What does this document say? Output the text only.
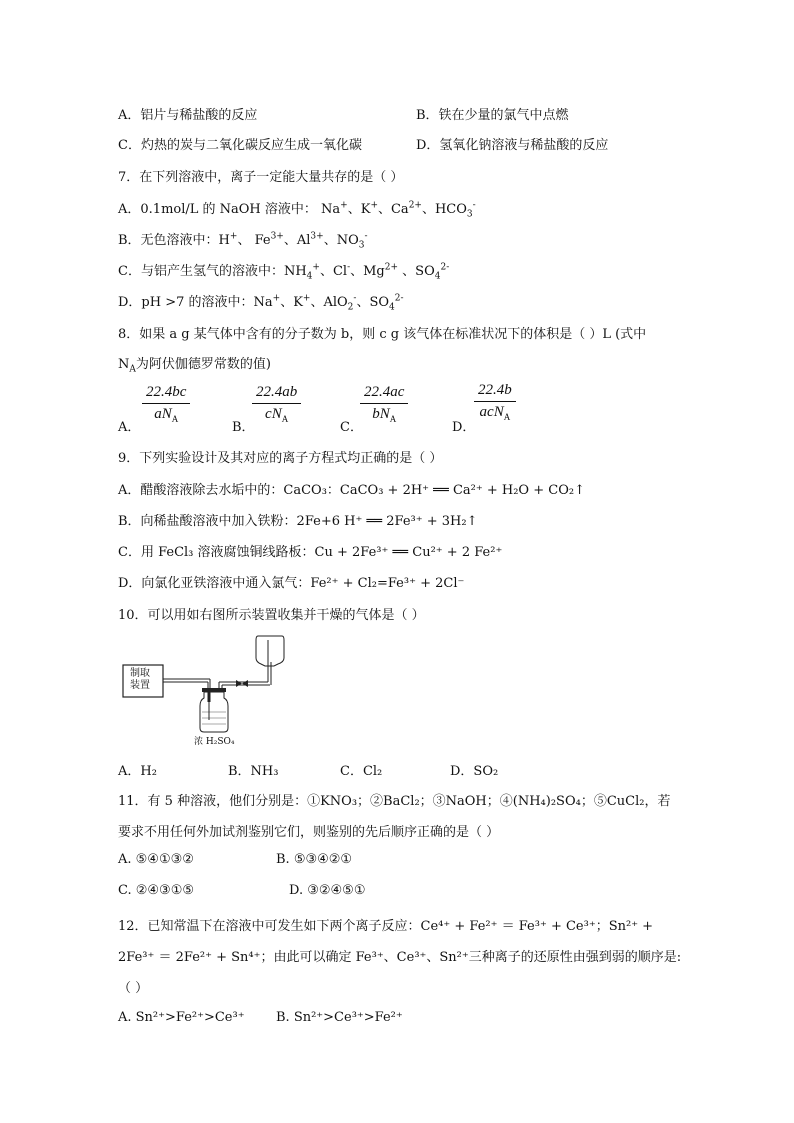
A．铝片与稀盐酸的反应	B．铁在少量的氯气中点燃
C．灼热的炭与二氧化碳反应生成一氧化碳	D．氢氧化钠溶液与稀盐酸的反应
7．在下列溶液中，离子一定能大量共存的是（ ）
A．0.1mol/L 的 NaOH 溶液中： Na+、K+、$Ca^{2+}$、$HCO_3^-$
B．无色溶液中：H+、 $Fe^{3+}$、$Al^{3+}$、$NO_3^-$
C．与铝产生氢气的溶液中：$NH_4^+$、Cl-、$Mg^{2+}$ 、$SO_4^{2-}$
D．pH >7 的溶液中：Na+、K+、AlO$_2$-、$SO_4^{2-}$
8．如果 a g 某气体中含有的分子数为 b，则 c g 该气体在标准状况下的体积是（ ）L (式中
$N_A$为阿伏伽德罗常数的值)
A．
22.4bc
$aN_A$
B．
22.4ab
$cN_A$
C．
22.4ac
$bN_A$
D．
22.4b
acN$_A$
9．下列实验设计及其对应的离子方程式均正确的是（ ）
A．醋酸溶液除去水垢中的：CaCO₃：CaCO₃ + 2H⁺ ══ Ca²⁺ + H₂O + CO₂↑
B．向稀盐酸溶液中加入铁粉：2Fe+6 H⁺ ══ 2Fe³⁺ + 3H₂↑
C．用 FeCl₃ 溶液腐蚀铜线路板：Cu + 2Fe³⁺ ══ Cu²⁺ + 2 Fe²⁺
D．向氯化亚铁溶液中通入氯气：Fe²⁺ + Cl₂=Fe³⁺ + 2Cl⁻
10．可以用如右图所示装置收集并干燥的气体是（ ）
制取
装置
浓 H₂SO₄
A．H₂	B．NH₃	C．Cl₂	D．SO₂
11．有 5 种溶液，他们分别是：①KNO₃；②BaCl₂；③NaOH；④(NH₄)₂SO₄；⑤CuCl₂，若
要求不用任何外加试剂鉴别它们，则鉴别的先后顺序正确的是（ ）
A. ⑤④①③②	B. ⑤③④②①
C. ②④③①⑤	D. ③②④⑤①
12．已知常温下在溶液中可发生如下两个离子反应：Ce⁴⁺ + Fe²⁺ ＝ Fe³⁺ + Ce³⁺；Sn²⁺ +
2Fe³⁺ ＝ 2Fe²⁺ + Sn⁴⁺；由此可以确定 Fe³⁺、Ce³⁺、Sn²⁺三种离子的还原性由强到弱的顺序是:
（ ）
A. Sn²⁺>Fe²⁺>Ce³⁺ B. Sn²⁺>Ce³⁺>Fe²⁺
